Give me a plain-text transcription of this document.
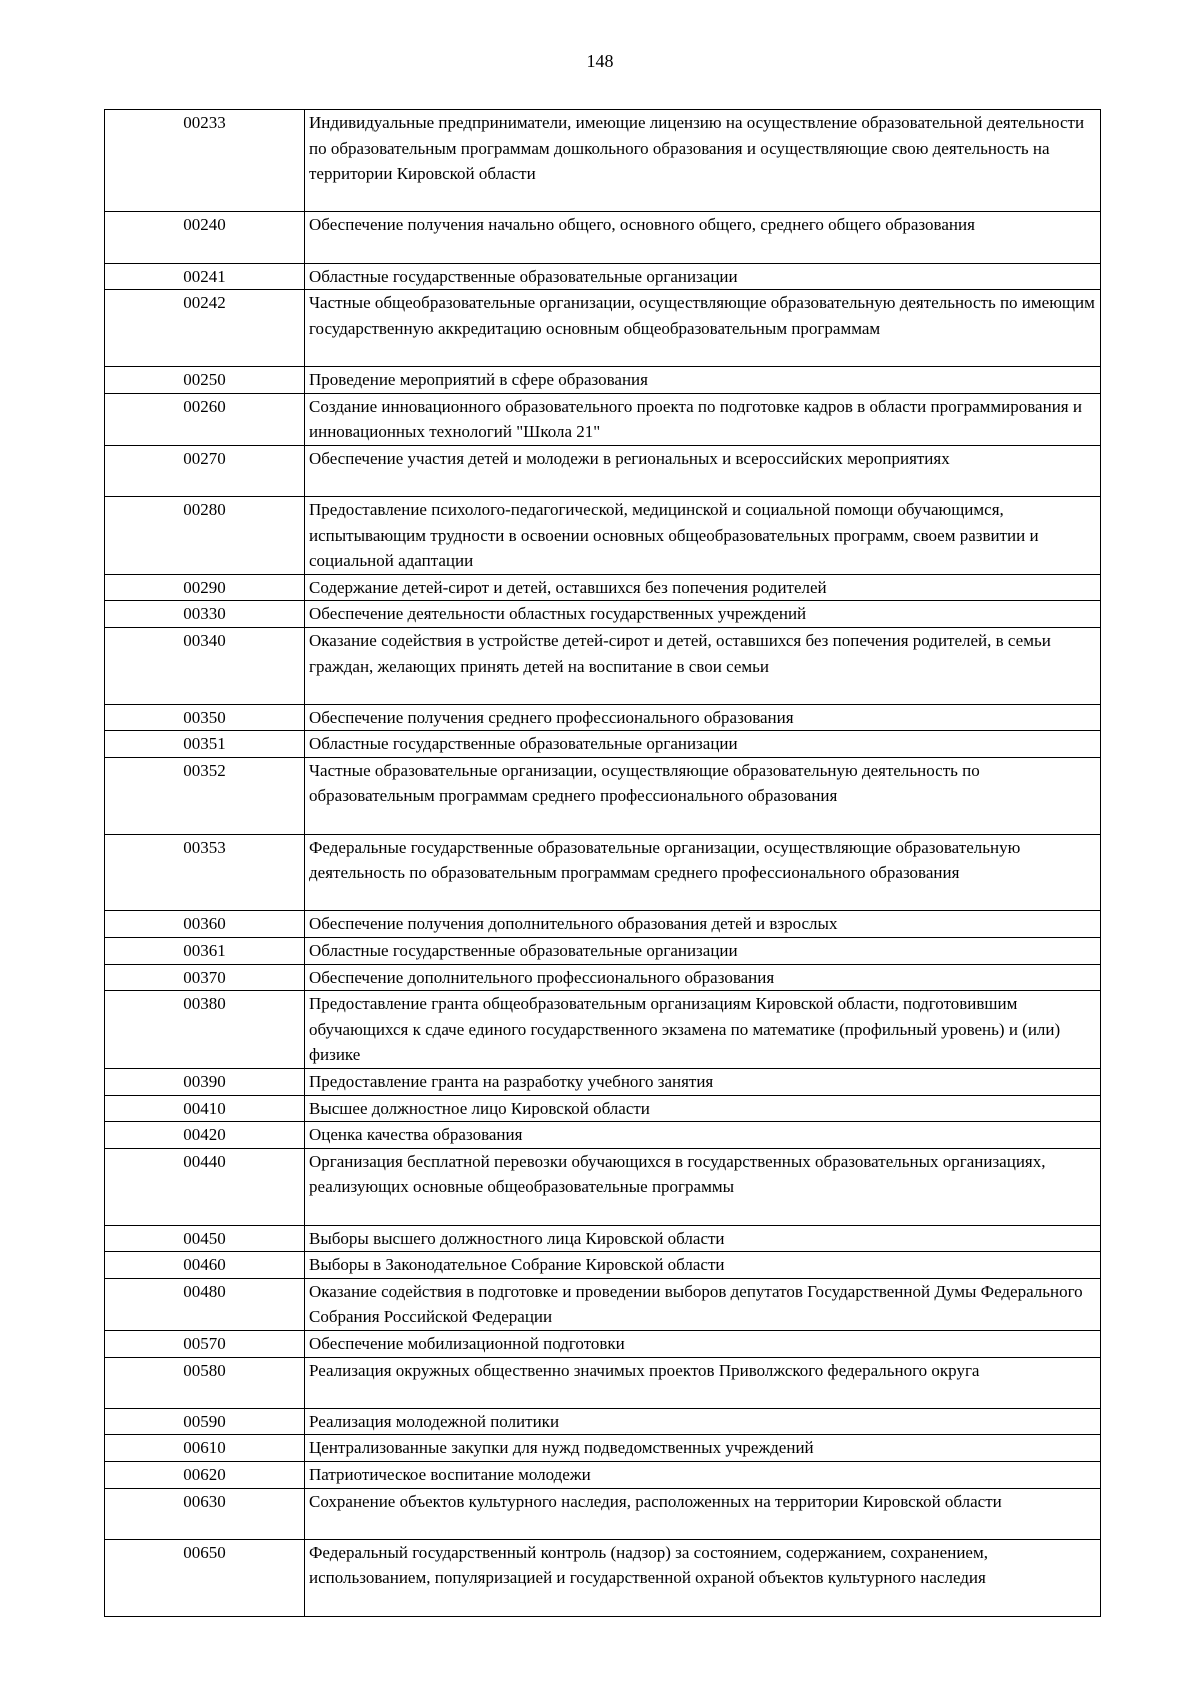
148
00233	Индивидуальные предприниматели, имеющие лицензию на осуществление образовательной деятельности по образовательным программам дошкольного образования и осуществляющие свою деятельность на территории Кировской области
00240	Обеспечение получения начально общего, основного общего, среднего общего образования
00241	Областные государственные образовательные организации
00242	Частные общеобразовательные организации, осуществляющие образовательную деятельность по имеющим государственную аккредитацию основным общеобразовательным программам
00250	Проведение мероприятий в сфере образования
00260	Создание инновационного образовательного проекта по подготовке кадров в области программирования и инновационных технологий "Школа 21"
00270	Обеспечение участия детей и молодежи в региональных и всероссийских мероприятиях
00280	Предоставление психолого-педагогической, медицинской и социальной помощи обучающимся, испытывающим трудности в освоении основных общеобразовательных программ, своем развитии и социальной адаптации
00290	Содержание детей-сирот и детей, оставшихся без попечения родителей
00330	Обеспечение деятельности областных государственных учреждений
00340	Оказание содействия в устройстве детей-сирот и детей, оставшихся без попечения родителей, в семьи граждан, желающих принять детей на воспитание в свои семьи
00350	Обеспечение получения среднего профессионального образования
00351	Областные государственные образовательные организации
00352	Частные образовательные организации, осуществляющие образовательную деятельность по образовательным программам среднего профессионального образования
00353	Федеральные государственные образовательные организации, осуществляющие образовательную деятельность по образовательным программам среднего профессионального образования
00360	Обеспечение получения дополнительного образования детей и взрослых
00361	Областные государственные образовательные организации
00370	Обеспечение дополнительного профессионального образования
00380	Предоставление гранта общеобразовательным организациям Кировской области, подготовившим обучающихся к сдаче единого государственного экзамена по математике (профильный уровень) и (или) физике
00390	Предоставление гранта на разработку учебного занятия
00410	Высшее должностное лицо Кировской области
00420	Оценка качества образования
00440	Организация бесплатной перевозки обучающихся в государственных образовательных организациях, реализующих основные общеобразовательные программы
00450	Выборы высшего должностного лица Кировской области
00460	Выборы в Законодательное Собрание Кировской области
00480	Оказание содействия в подготовке и проведении выборов депутатов Государственной Думы Федерального Собрания Российской Федерации
00570	Обеспечение мобилизационной подготовки
00580	Реализация окружных общественно значимых проектов Приволжского федерального округа
00590	Реализация молодежной политики
00610	Централизованные закупки для нужд подведомственных учреждений
00620	Патриотическое воспитание молодежи
00630	Сохранение объектов культурного наследия, расположенных на территории Кировской области
00650	Федеральный государственный контроль (надзор) за состоянием, содержанием, сохранением, использованием, популяризацией и государственной охраной объектов культурного наследия
